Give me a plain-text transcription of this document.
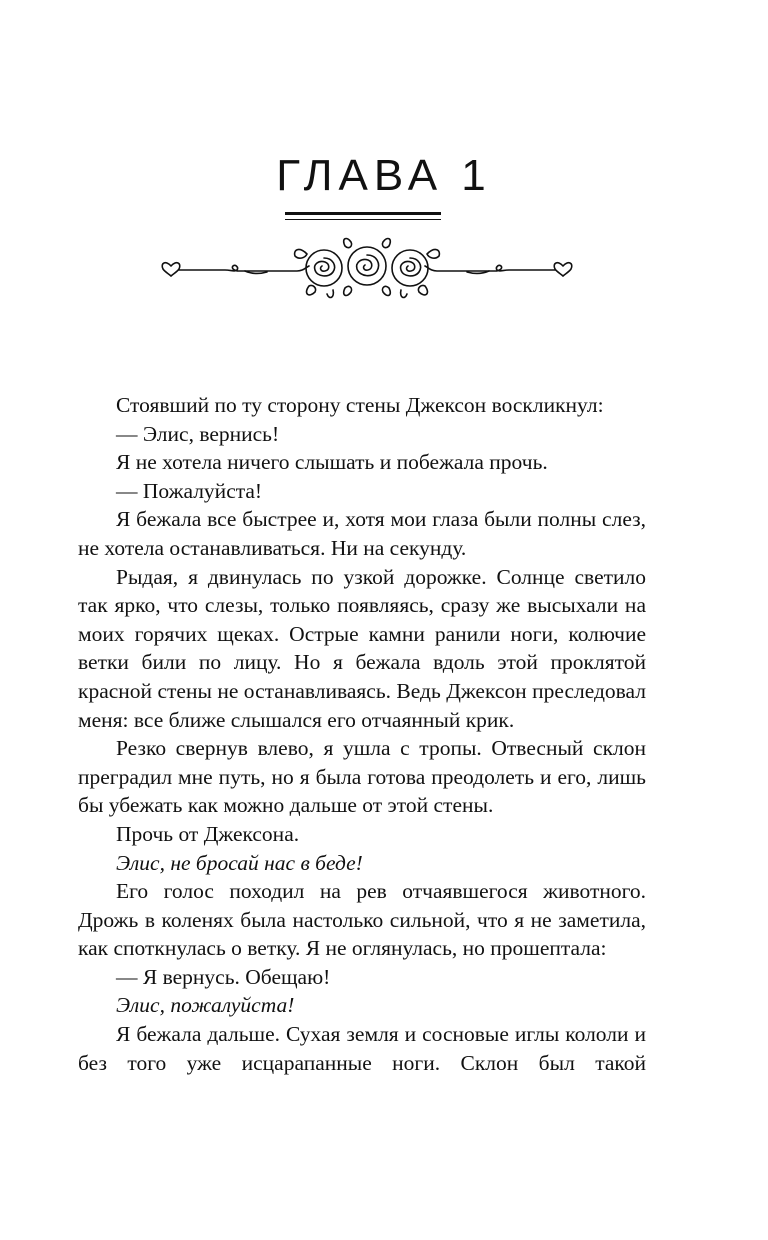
ГЛАВА 1

Стоявший по ту сторону стены Джексон воскликнул:

— Элис, вернись!

Я не хотела ничего слышать и побежала прочь.

— Пожалуйста!

Я бежала все быстрее и, хотя мои глаза были полны слез, не хотела останавливаться. Ни на секунду.

Рыдая, я двинулась по узкой дорожке. Солнце светило так ярко, что слезы, только появляясь, сразу же высыхали на моих горячих щеках. Острые камни ранили ноги, колючие ветки били по лицу. Но я бежала вдоль этой проклятой красной стены не останавливаясь. Ведь Джексон преследовал меня: все ближе слышался его отчаянный крик.

Резко свернув влево, я ушла с тропы. Отвесный склон преградил мне путь, но я была готова преодолеть и его, лишь бы убежать как можно дальше от этой стены.

Прочь от Джексона.

Элис, не бросай нас в беде!

Его голос походил на рев отчаявшегося животного. Дрожь в коленях была настолько сильной, что я не заметила, как споткнулась о ветку. Я не оглянулась, но прошептала:

— Я вернусь. Обещаю!

Элис, пожалуйста!

Я бежала дальше. Сухая земля и сосновые иглы кололи и без того уже исцарапанные ноги. Склон был такой
